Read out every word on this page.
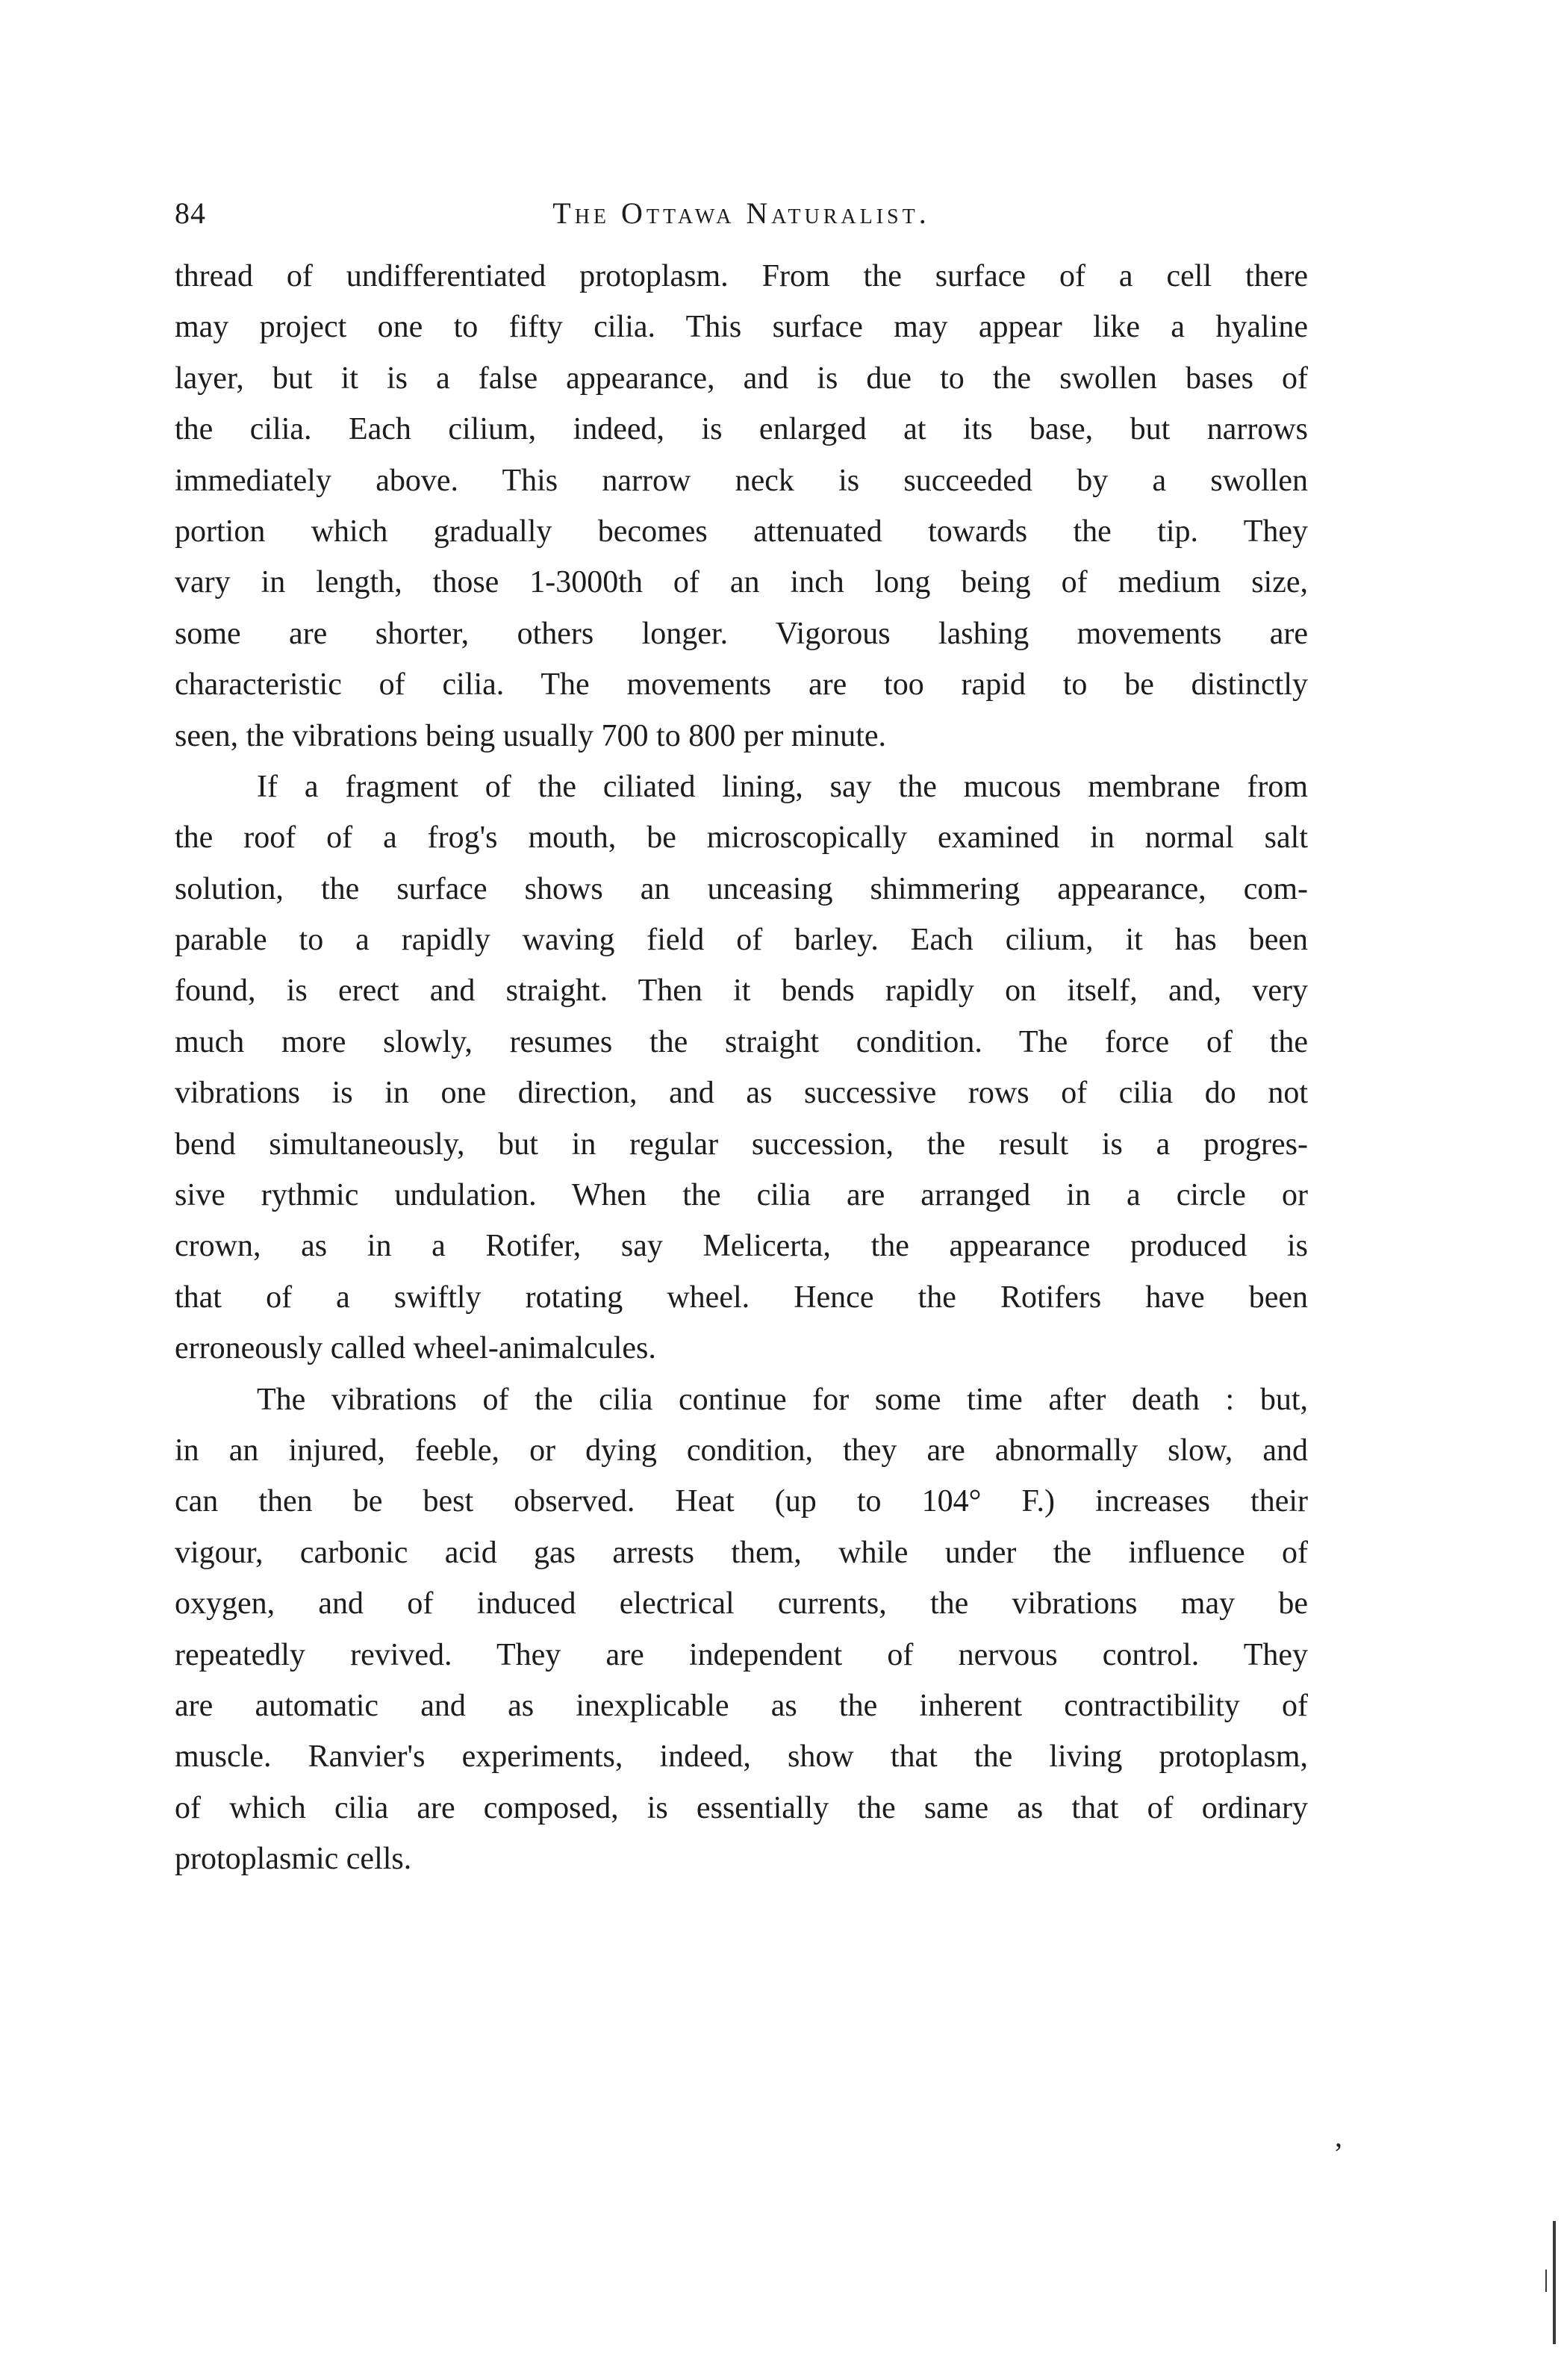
84	The Ottawa Naturalist.
thread of undifferentiated protoplasm. From the surface of a cell there
may project one to fifty cilia. This surface may appear like a hyaline
layer, but it is a false appearance, and is due to the swollen bases of
the cilia. Each cilium, indeed, is enlarged at its base, but narrows
immediately above. This narrow neck is succeeded by a swollen
portion which gradually becomes attenuated towards the tip. They
vary in length, those 1-3000th of an inch long being of medium size,
some are shorter, others longer. Vigorous lashing movements are
characteristic of cilia. The movements are too rapid to be distinctly
seen, the vibrations being usually 700 to 800 per minute.
If a fragment of the ciliated lining, say the mucous membrane from
the roof of a frog's mouth, be microscopically examined in normal salt
solution, the surface shows an unceasing shimmering appearance, com-
parable to a rapidly waving field of barley. Each cilium, it has been
found, is erect and straight. Then it bends rapidly on itself, and, very
much more slowly, resumes the straight condition. The force of the
vibrations is in one direction, and as successive rows of cilia do not
bend simultaneously, but in regular succession, the result is a progres-
sive rythmic undulation. When the cilia are arranged in a circle or
crown, as in a Rotifer, say Melicerta, the appearance produced is
that of a swiftly rotating wheel. Hence the Rotifers have been
erroneously called wheel-animalcules.
The vibrations of the cilia continue for some time after death : but,
in an injured, feeble, or dying condition, they are abnormally slow, and
can then be best observed. Heat (up to 104° F.) increases their
vigour, carbonic acid gas arrests them, while under the influence of
oxygen, and of induced electrical currents, the vibrations may be
repeatedly revived. They are independent of nervous control. They
are automatic and as inexplicable as the inherent contractibility of
muscle. Ranvier's experiments, indeed, show that the living protoplasm,
of which cilia are composed, is essentially the same as that of ordinary
protoplasmic cells.
,
